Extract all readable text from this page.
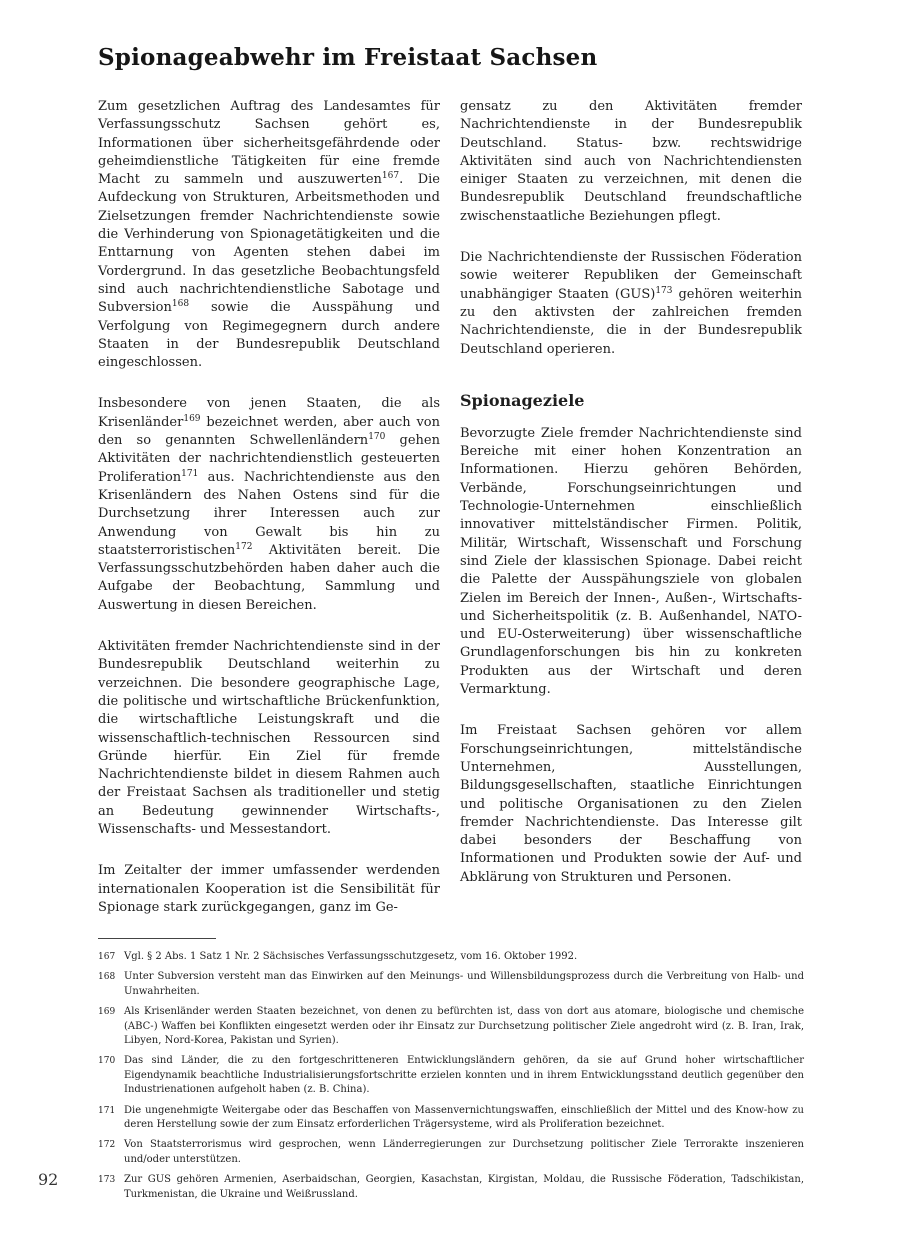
Spionageabwehr im Freistaat Sachsen

Zum gesetzlichen Auftrag des Landesamtes für Verfassungsschutz Sachsen gehört es, Informationen über sicherheitsgefährdende oder geheimdienstliche Tätigkeiten für eine fremde Macht zu sammeln und auszuwerten$^{167}$. Die Aufdeckung von Strukturen, Arbeitsmethoden und Zielsetzungen fremder Nachrichtendienste sowie die Verhinderung von Spionagetätigkeiten und die Enttarnung von Agenten stehen dabei im Vordergrund. In das gesetzliche Beobachtungsfeld sind auch nachrichtendienstliche Sabotage und Subversion$^{168}$ sowie die Ausspähung und Verfolgung von Regimegegnern durch andere Staaten in der Bundesrepublik Deutschland eingeschlossen.

Insbesondere von jenen Staaten, die als Krisenländer$^{169}$ bezeichnet werden, aber auch von den so genannten Schwellenländern$^{170}$ gehen Aktivitäten der nachrichtendienstlich gesteuerten Proliferation$^{171}$ aus. Nachrichtendienste aus den Krisenländern des Nahen Ostens sind für die Durchsetzung ihrer Interessen auch zur Anwendung von Gewalt bis hin zu staatsterroristischen$^{172}$ Aktivitäten bereit. Die Verfassungsschutzbehörden haben daher auch die Aufgabe der Beobachtung, Sammlung und Auswertung in diesen Bereichen.

Aktivitäten fremder Nachrichtendienste sind in der Bundesrepublik Deutschland weiterhin zu verzeichnen. Die besondere geographische Lage, die politische und wirtschaftliche Brückenfunktion, die wirtschaftliche Leistungskraft und die wissenschaftlich-technischen Ressourcen sind Gründe hierfür. Ein Ziel für fremde Nachrichtendienste bildet in diesem Rahmen auch der Freistaat Sachsen als traditioneller und stetig an Bedeutung gewinnender Wirtschafts-, Wissenschafts- und Messestandort.

Im Zeitalter der immer umfassender werdenden internationalen Kooperation ist die Sensibilität für Spionage stark zurückgegangen, ganz im Ge-

gensatz zu den Aktivitäten fremder Nachrichtendienste in der Bundesrepublik Deutschland. Status- bzw. rechtswidrige Aktivitäten sind auch von Nachrichtendiensten einiger Staaten zu verzeichnen, mit denen die Bundesrepublik Deutschland freundschaftliche zwischenstaatliche Beziehungen pflegt.

Die Nachrichtendienste der Russischen Föderation sowie weiterer Republiken der Gemeinschaft unabhängiger Staaten (GUS)$^{173}$ gehören weiterhin zu den aktivsten der zahlreichen fremden Nachrichtendienste, die in der Bundesrepublik Deutschland operieren.

Spionageziele

Bevorzugte Ziele fremder Nachrichtendienste sind Bereiche mit einer hohen Konzentration an Informationen. Hierzu gehören Behörden, Verbände, Forschungseinrichtungen und Technologie-Unternehmen einschließlich innovativer mittelständischer Firmen. Politik, Militär, Wirtschaft, Wissenschaft und Forschung sind Ziele der klassischen Spionage. Dabei reicht die Palette der Ausspähungsziele von globalen Zielen im Bereich der Innen-, Außen-, Wirtschafts- und Sicherheitspolitik (z. B. Außenhandel, NATO- und EU-Osterweiterung) über wissenschaftliche Grundlagenforschungen bis hin zu konkreten Produkten aus der Wirtschaft und deren Vermarktung.

Im Freistaat Sachsen gehören vor allem Forschungseinrichtungen, mittelständische Unternehmen, Ausstellungen, Bildungsgesellschaften, staatliche Einrichtungen und politische Organisationen zu den Zielen fremder Nachrichtendienste. Das Interesse gilt dabei besonders der Beschaffung von Informationen und Produkten sowie der Auf- und Abklärung von Strukturen und Personen.

167 Vgl. § 2 Abs. 1 Satz 1 Nr. 2 Sächsisches Verfassungsschutzgesetz, vom 16. Oktober 1992.
168 Unter Subversion versteht man das Einwirken auf den Meinungs- und Willensbildungsprozess durch die Verbreitung von Halb- und Unwahrheiten.
169 Als Krisenländer werden Staaten bezeichnet, von denen zu befürchten ist, dass von dort aus atomare, biologische und chemische (ABC-) Waffen bei Konflikten eingesetzt werden oder ihr Einsatz zur Durchsetzung politischer Ziele angedroht wird (z. B. Iran, Irak, Libyen, Nord-Korea, Pakistan und Syrien).
170 Das sind Länder, die zu den fortgeschritteneren Entwicklungsländern gehören, da sie auf Grund hoher wirtschaftlicher Eigendynamik beachtliche Industrialisierungsfortschritte erzielen konnten und in ihrem Entwicklungsstand deutlich gegenüber den Industrienationen aufgeholt haben (z. B. China).
171 Die ungenehmigte Weitergabe oder das Beschaffen von Massenvernichtungswaffen, einschließlich der Mittel und des Know-how zu deren Herstellung sowie der zum Einsatz erforderlichen Trägersysteme, wird als Proliferation bezeichnet.
172 Von Staatsterrorismus wird gesprochen, wenn Länderregierungen zur Durchsetzung politischer Ziele Terrorakte inszenieren und/oder unterstützen.
173 Zur GUS gehören Armenien, Aserbaidschan, Georgien, Kasachstan, Kirgistan, Moldau, die Russische Föderation, Tadschikistan, Turkmenistan, die Ukraine und Weißrussland.
92
